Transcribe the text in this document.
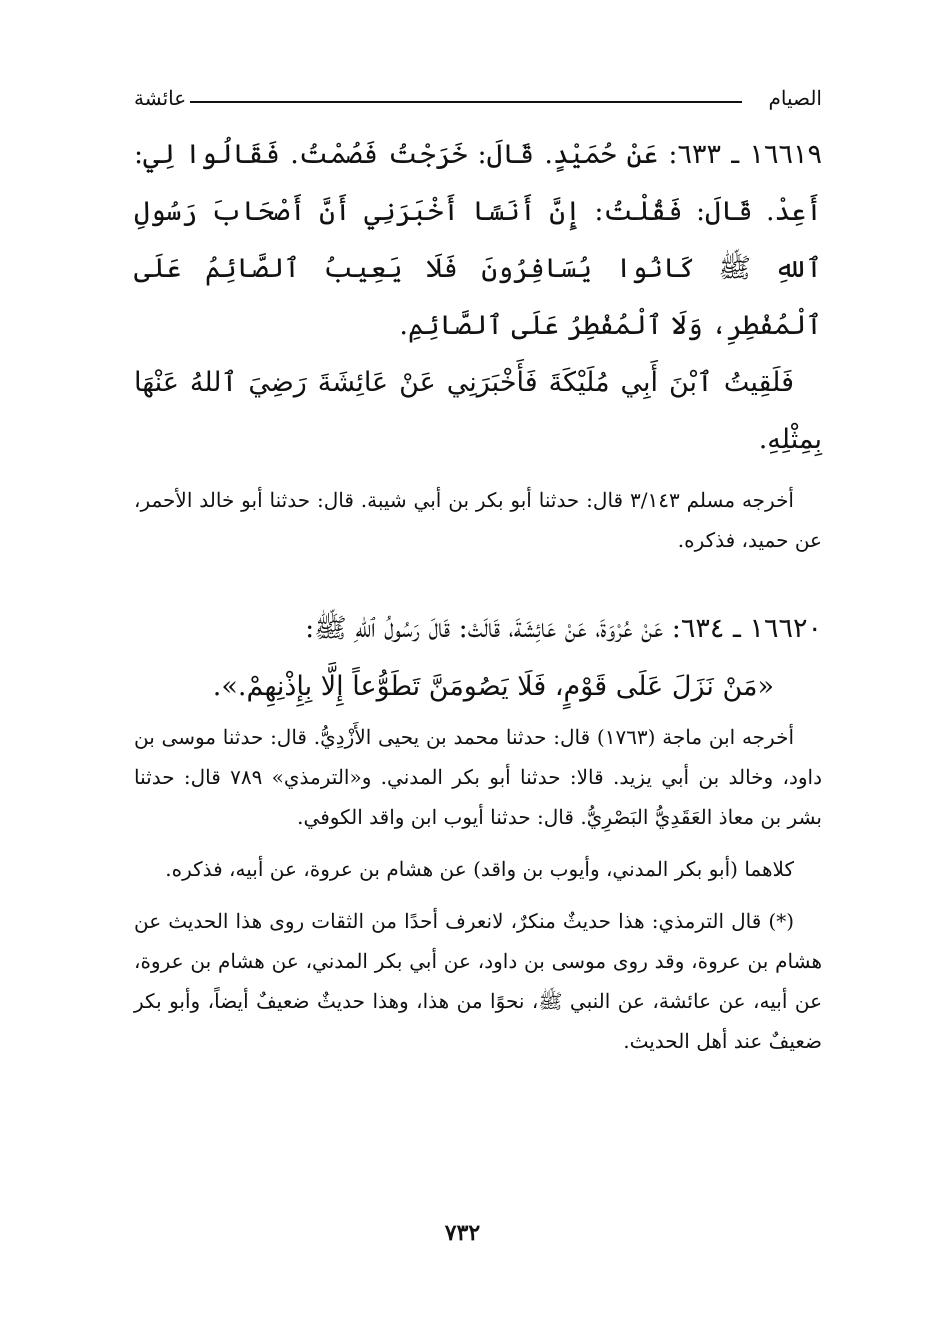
الصيام
عائشة

١٦٦١٩ ـ ٦٣٣: عَنْ حُمَيْدٍ. قَالَ: خَرَجْتُ فَصُمْتُ. فَقَالُوا لِي: أَعِدْ. قَالَ: فَقُلْتُ: إِنَّ أَنَسًا أَخْبَرَنِي أَنَّ أَصْحَابَ رَسُولِ ٱللهِ ﷺ كَانُوا يُسَافِرُونَ فَلَا يَعِيبُ ٱلصَّائِمُ عَلَى ٱلْمُفْطِرِ، وَلَا ٱلْمُفْطِرُ عَلَى ٱلصَّائِمِ.

فَلَقِيتُ ٱبْنَ أَبِي مُلَيْكَةَ فَأَخْبَرَنِي عَنْ عَائِشَةَ رَضِيَ ٱللهُ عَنْهَا بِمِثْلِهِ.

أخرجه مسلم ٣/١٤٣ قال: حدثنا أبو بكر بن أبي شيبة. قال: حدثنا أبو خالد الأحمر، عن حميد، فذكره.

١٦٦٢٠ ـ ٦٣٤: عَنْ عُرْوَةَ، عَنْ عَائِشَةَ، قَالَتْ: قَالَ رَسُولُ ٱللهِ ﷺ:

«مَنْ نَزَلَ عَلَى قَوْمٍ، فَلَا يَصُومَنَّ تَطَوُّعاً إِلَّا بِإِذْنِهِمْ.».

أخرجه ابن ماجة (١٧٦٣) قال: حدثنا محمد بن يحيى الأَزْدِيُّ. قال: حدثنا موسى بن داود، وخالد بن أبي يزيد. قالا: حدثنا أبو بكر المدني. و«الترمذي» ٧٨٩ قال: حدثنا بشر بن معاذ العَقَدِيُّ البَصْرِيُّ. قال: حدثنا أيوب ابن واقد الكوفي.

كلاهما (أبو بكر المدني، وأيوب بن واقد) عن هشام بن عروة، عن أبيه، فذكره.

(*) قال الترمذي: هذا حديثٌ منكرٌ، لانعرف أحدًا من الثقات روى هذا الحديث عن هشام بن عروة، وقد روى موسى بن داود، عن أبي بكر المدني، عن هشام بن عروة، عن أبيه، عن عائشة، عن النبي ﷺ، نحوًا من هذا، وهذا حديثٌ ضعيفٌ أيضاً، وأبو بكر ضعيفٌ عند أهل الحديث.

٧٣٢
